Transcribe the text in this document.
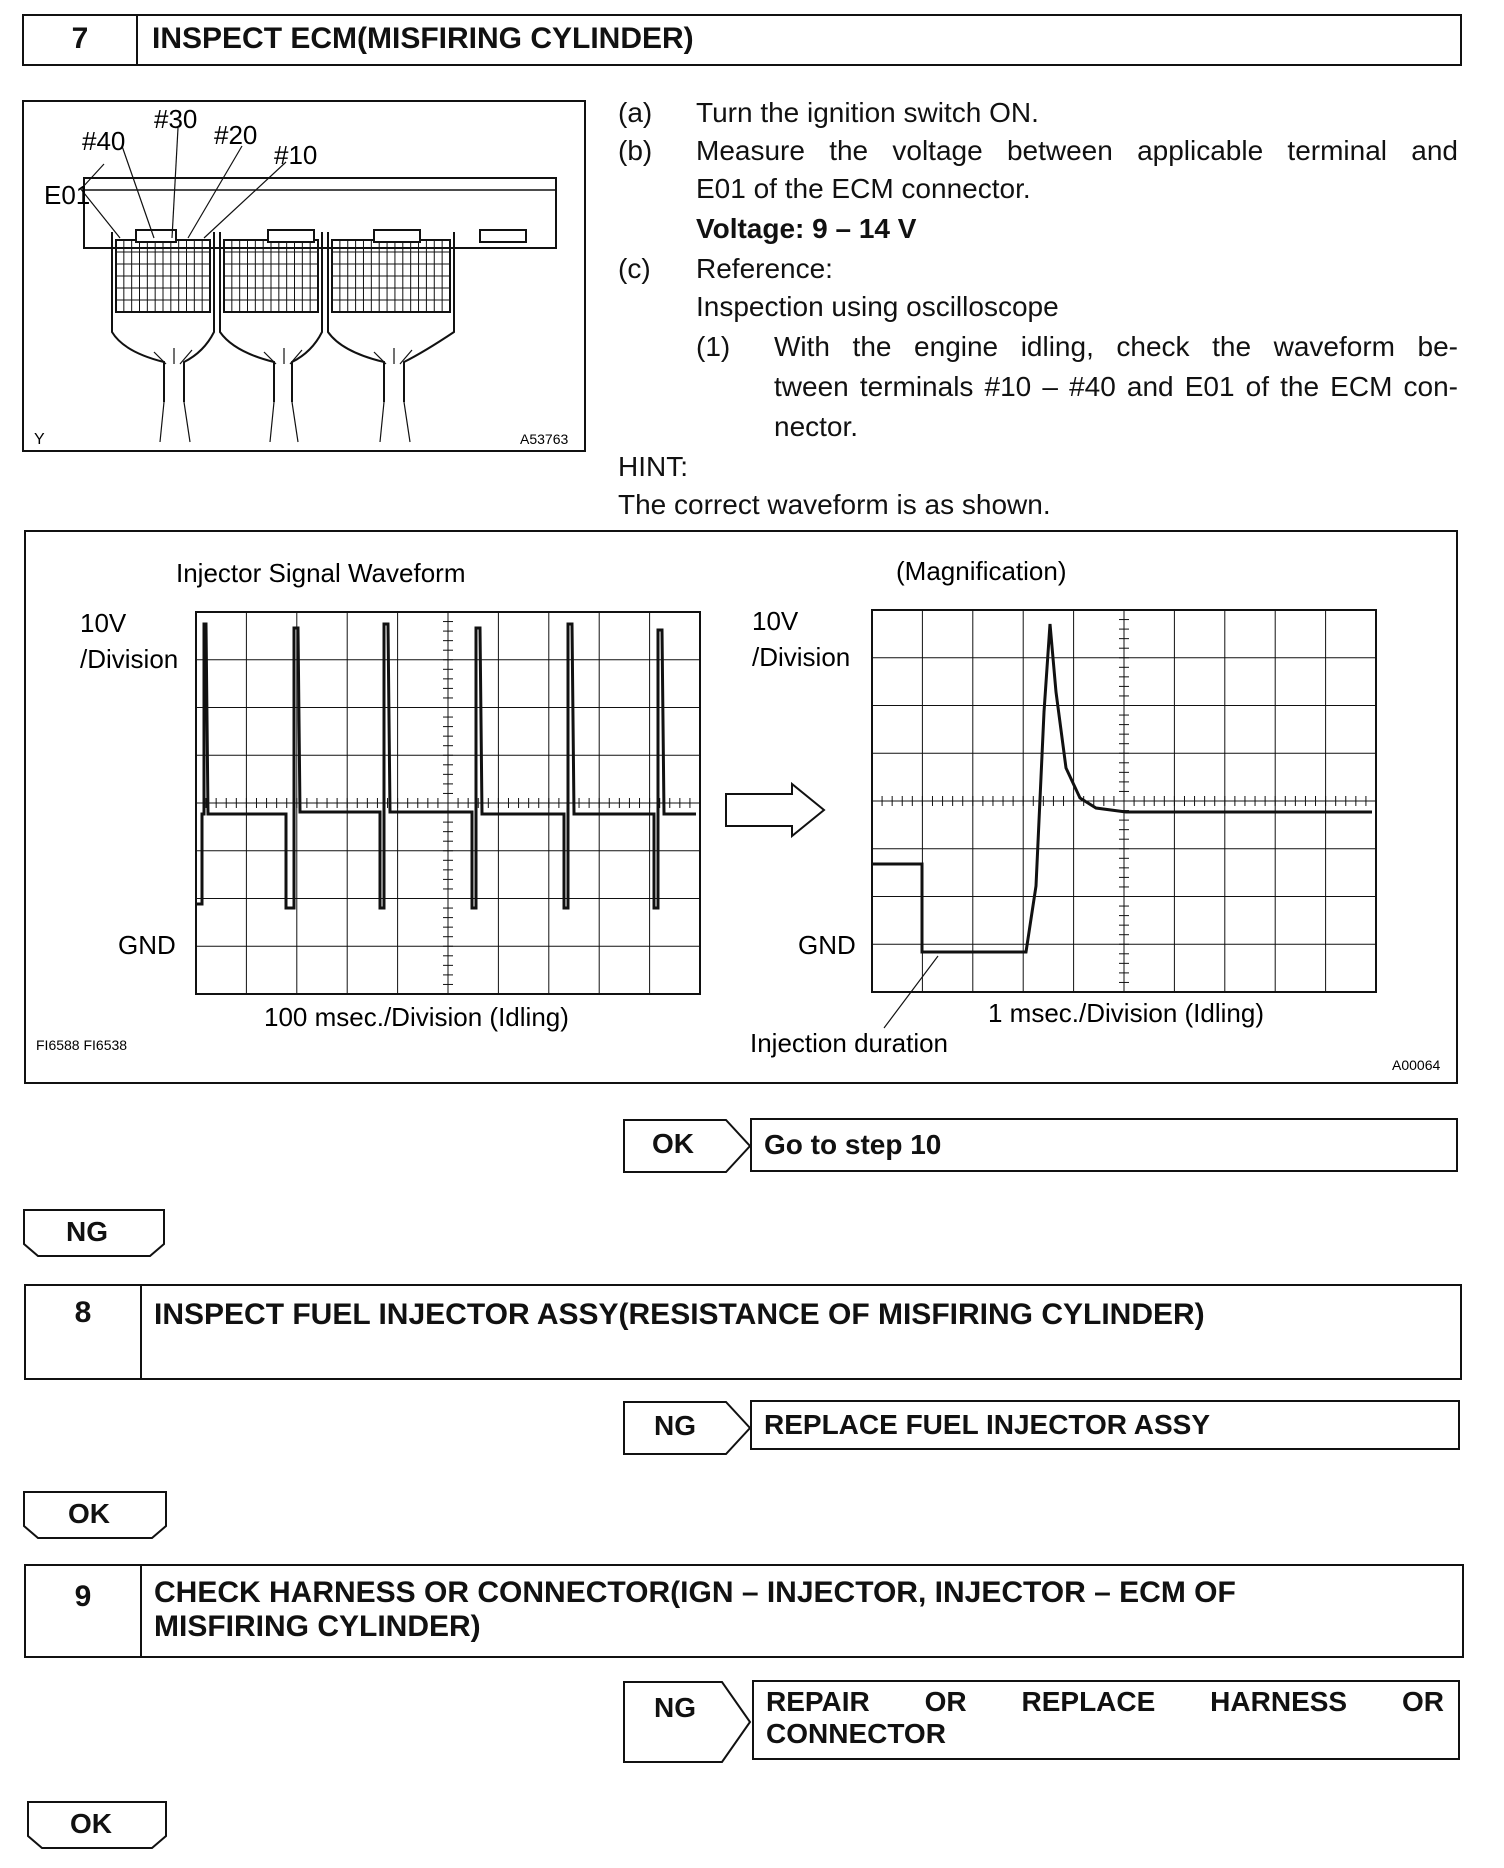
7	INSPECT ECM(MISFIRING CYLINDER)
#40
#30
#20
#10
E01
Y	A53763
(a) Turn the ignition switch ON.
(b) Measure the voltage between applicable terminal and
E01 of the ECM connector.
Voltage: 9 – 14 V
(c) Reference:
Inspection using oscilloscope
(1) With the engine idling, check the waveform be-
tween terminals #10 – #40 and E01 of the ECM con-
nector.
HINT:
The correct waveform is as shown.
Injector Signal Waveform	(Magnification)
10V
/Division
GND
100 msec./Division (Idling)
10V
/Division
GND
1 msec./Division (Idling)
Injection duration
FI6588 FI6538
A00064
OK	Go to step 10
NG
8	INSPECT FUEL INJECTOR ASSY(RESISTANCE OF MISFIRING CYLINDER)
NG	REPLACE FUEL INJECTOR ASSY
OK
9	CHECK HARNESS OR CONNECTOR(IGN – INJECTOR, INJECTOR – ECM OF
MISFIRING CYLINDER)
NG	REPAIR OR REPLACE HARNESS OR
CONNECTOR
OK
